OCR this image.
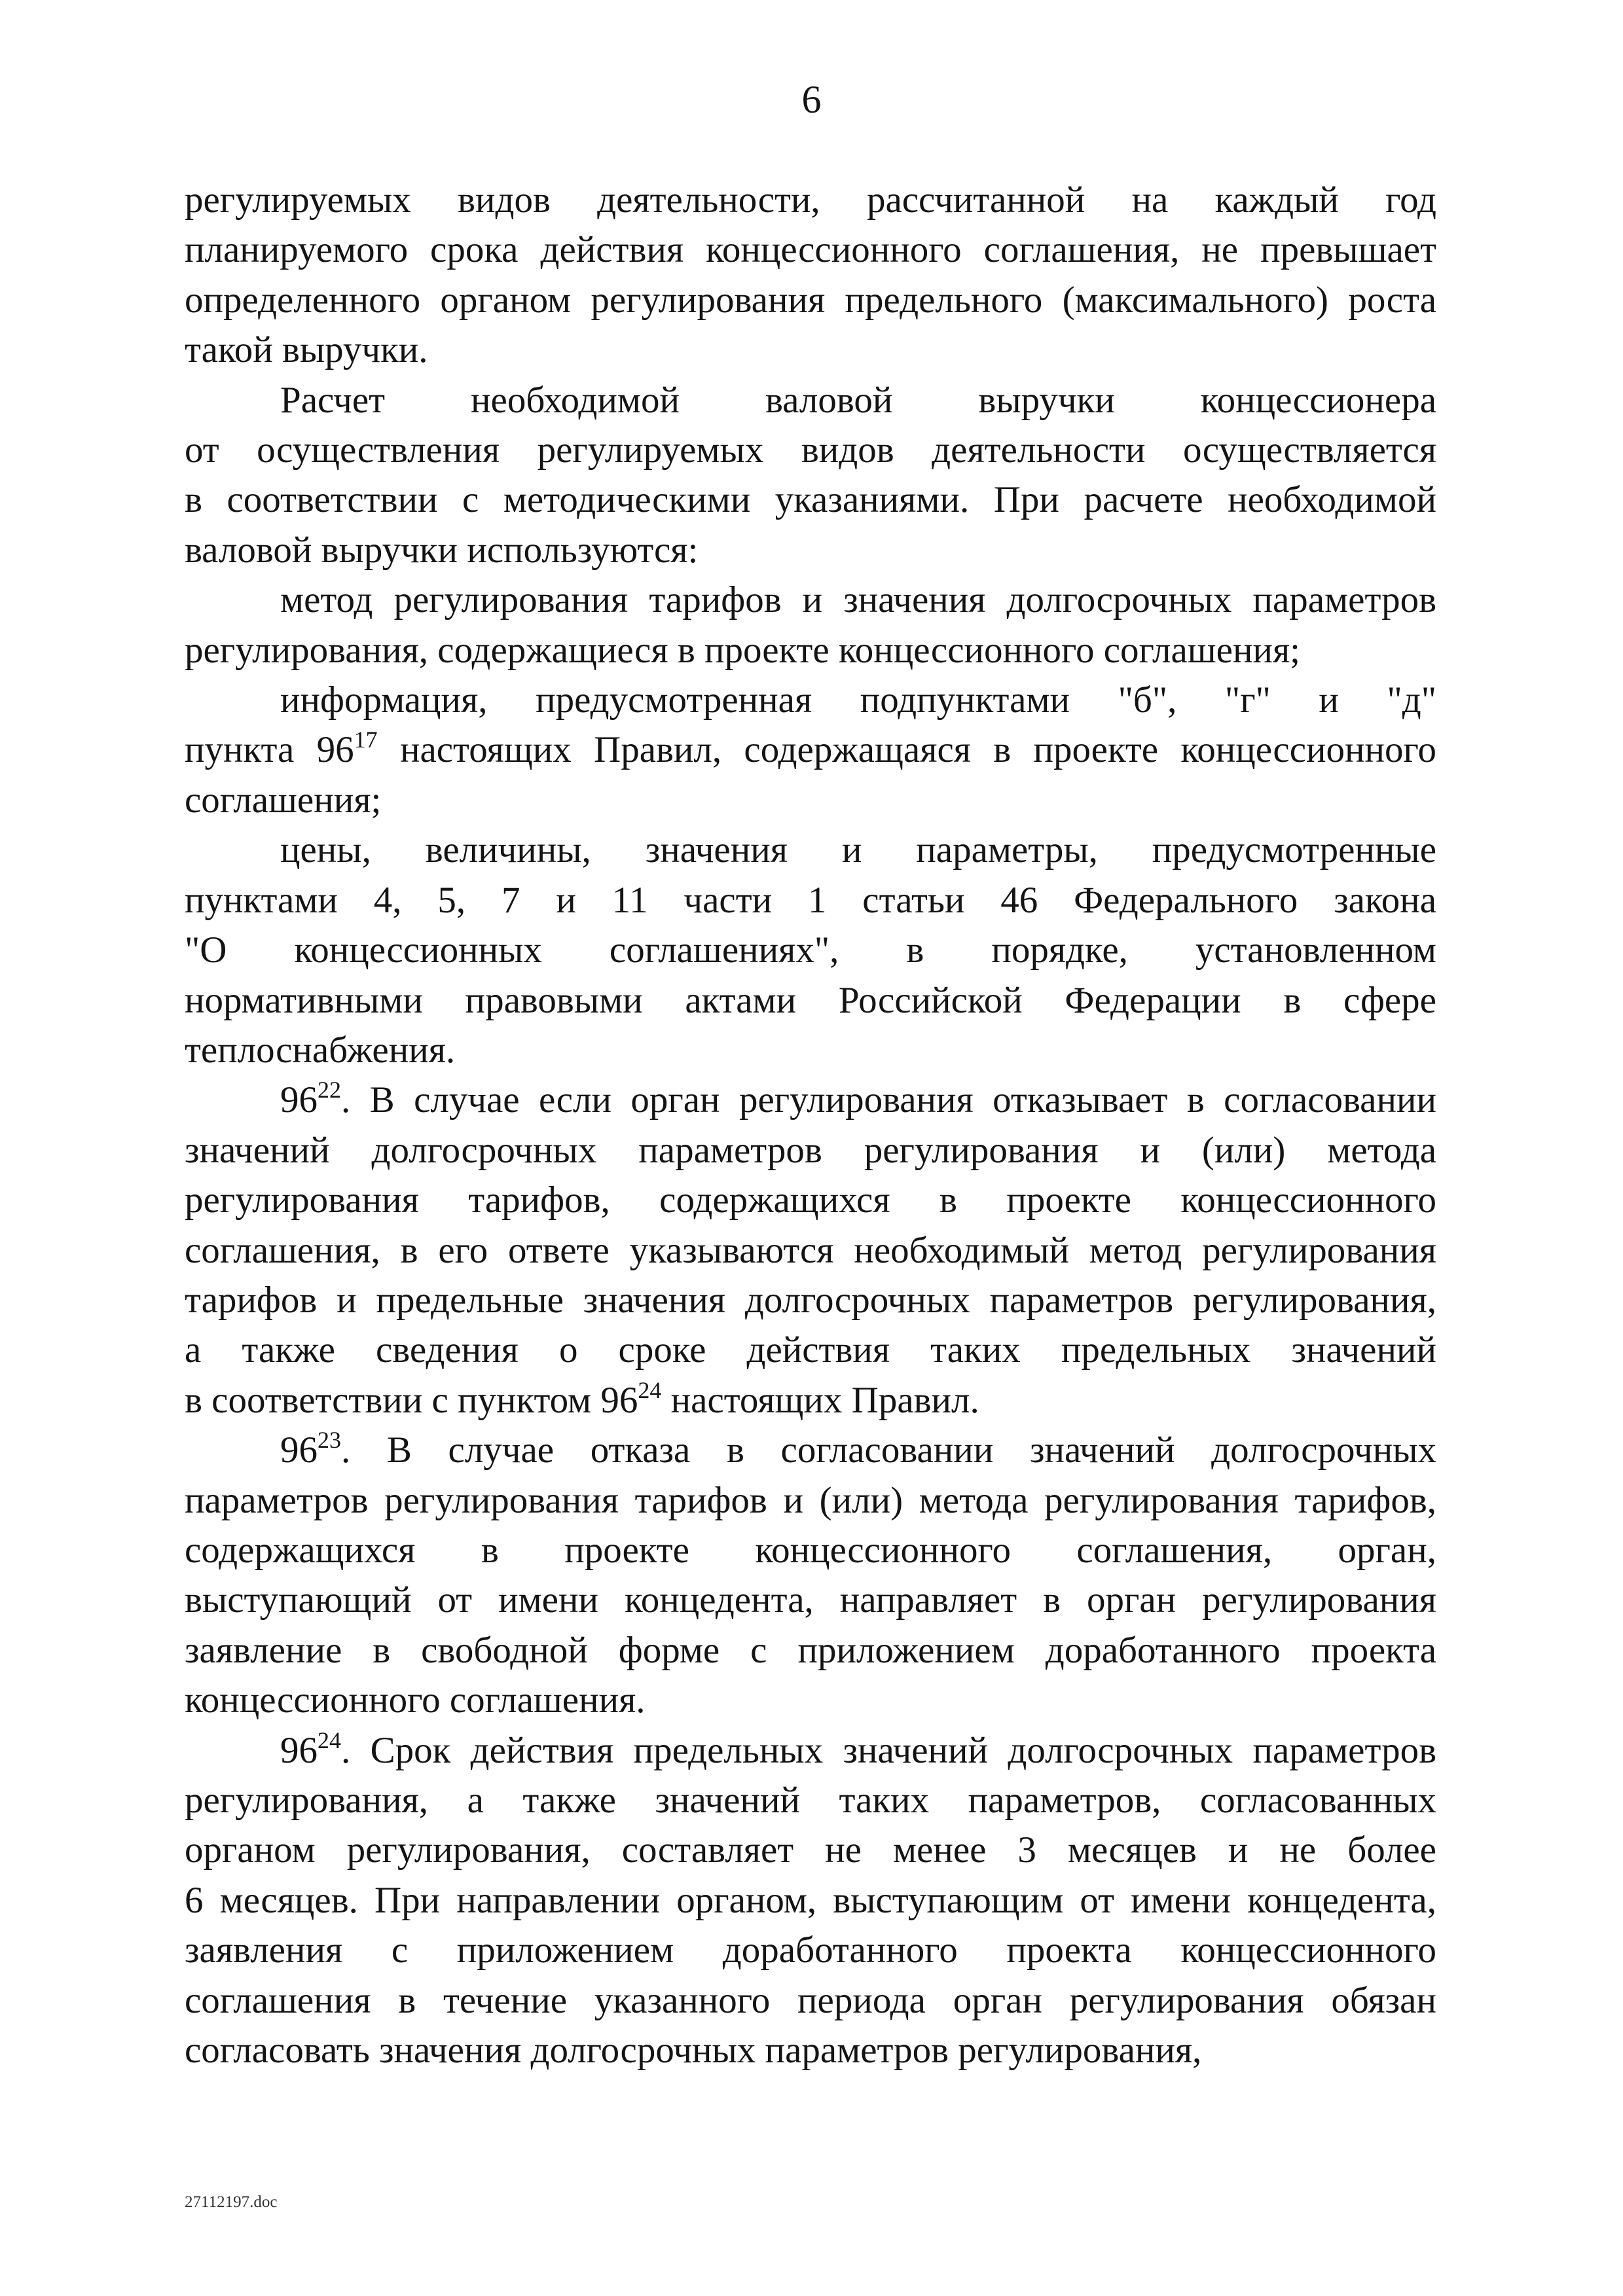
6
регулируемых видов деятельности, рассчитанной на каждый год
планируемого срока действия концессионного соглашения, не превышает
определенного органом регулирования предельного (максимального) роста
такой выручки.
Расчет необходимой валовой выручки концессионера
от осуществления регулируемых видов деятельности осуществляется
в соответствии с методическими указаниями. При расчете необходимой
валовой выручки используются:
метод регулирования тарифов и значения долгосрочных параметров
регулирования, содержащиеся в проекте концессионного соглашения;
информация, предусмотренная подпунктами "б", "г" и "д"
пункта $96^{17}$ настоящих Правил, содержащаяся в проекте концессионного
соглашения;
цены, величины, значения и параметры, предусмотренные
пунктами 4, 5, 7 и 11 части 1 статьи 46 Федерального закона
"О концессионных соглашениях", в порядке, установленном
нормативными правовыми актами Российской Федерации в сфере
теплоснабжения.
$96^{22}$. В случае если орган регулирования отказывает в согласовании
значений долгосрочных параметров регулирования и (или) метода
регулирования тарифов, содержащихся в проекте концессионного
соглашения, в его ответе указываются необходимый метод регулирования
тарифов и предельные значения долгосрочных параметров регулирования,
а также сведения о сроке действия таких предельных значений
в соответствии с пунктом $96^{24}$ настоящих Правил.
$96^{23}$. В случае отказа в согласовании значений долгосрочных
параметров регулирования тарифов и (или) метода регулирования тарифов,
содержащихся в проекте концессионного соглашения, орган,
выступающий от имени концедента, направляет в орган регулирования
заявление в свободной форме с приложением доработанного проекта
концессионного соглашения.
$96^{24}$. Срок действия предельных значений долгосрочных параметров
регулирования, а также значений таких параметров, согласованных
органом регулирования, составляет не менее 3 месяцев и не более
6 месяцев. При направлении органом, выступающим от имени концедента,
заявления с приложением доработанного проекта концессионного
соглашения в течение указанного периода орган регулирования обязан
согласовать значения долгосрочных параметров регулирования,
27112197.doc
